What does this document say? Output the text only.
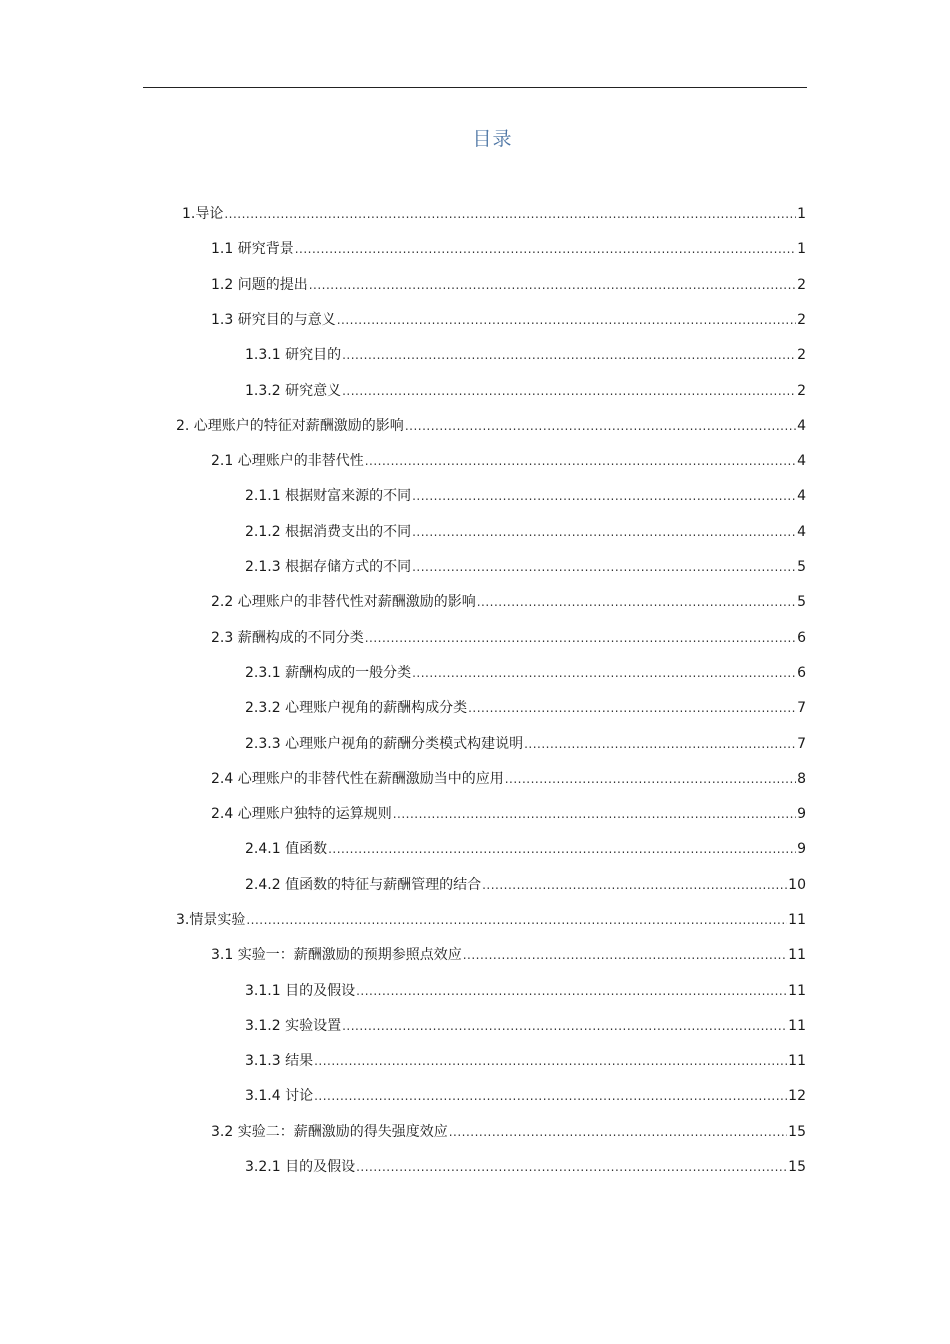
目录
1.导论 .....	1
1.1 研究背景 .....	1
1.2 问题的提出 .....	2
1.3 研究目的与意义 .....	2
1.3.1 研究目的 .....	2
1.3.2 研究意义 .....	2
2. 心理账户的特征对薪酬激励的影响 .....	4
2.1 心理账户的非替代性 .....	4
2.1.1 根据财富来源的不同 .....	4
2.1.2 根据消费支出的不同 .....	4
2.1.3 根据存储方式的不同 .....	5
2.2 心理账户的非替代性对薪酬激励的影响 .....	5
2.3 薪酬构成的不同分类 .....	6
2.3.1 薪酬构成的一般分类 .....	6
2.3.2 心理账户视角的薪酬构成分类 .....	7
2.3.3 心理账户视角的薪酬分类模式构建说明 .....	7
2.4 心理账户的非替代性在薪酬激励当中的应用 .....	8
2.4 心理账户独特的运算规则 .....	9
2.4.1 值函数 .....	9
2.4.2 值函数的特征与薪酬管理的结合 .....	10
3.情景实验 .....	11
3.1 实验一：薪酬激励的预期参照点效应 .....	11
3.1.1 目的及假设 .....	11
3.1.2 实验设置 .....	11
3.1.3 结果 .....	11
3.1.4 讨论 .....	12
3.2 实验二：薪酬激励的得失强度效应 .....	15
3.2.1 目的及假设 .....	15
